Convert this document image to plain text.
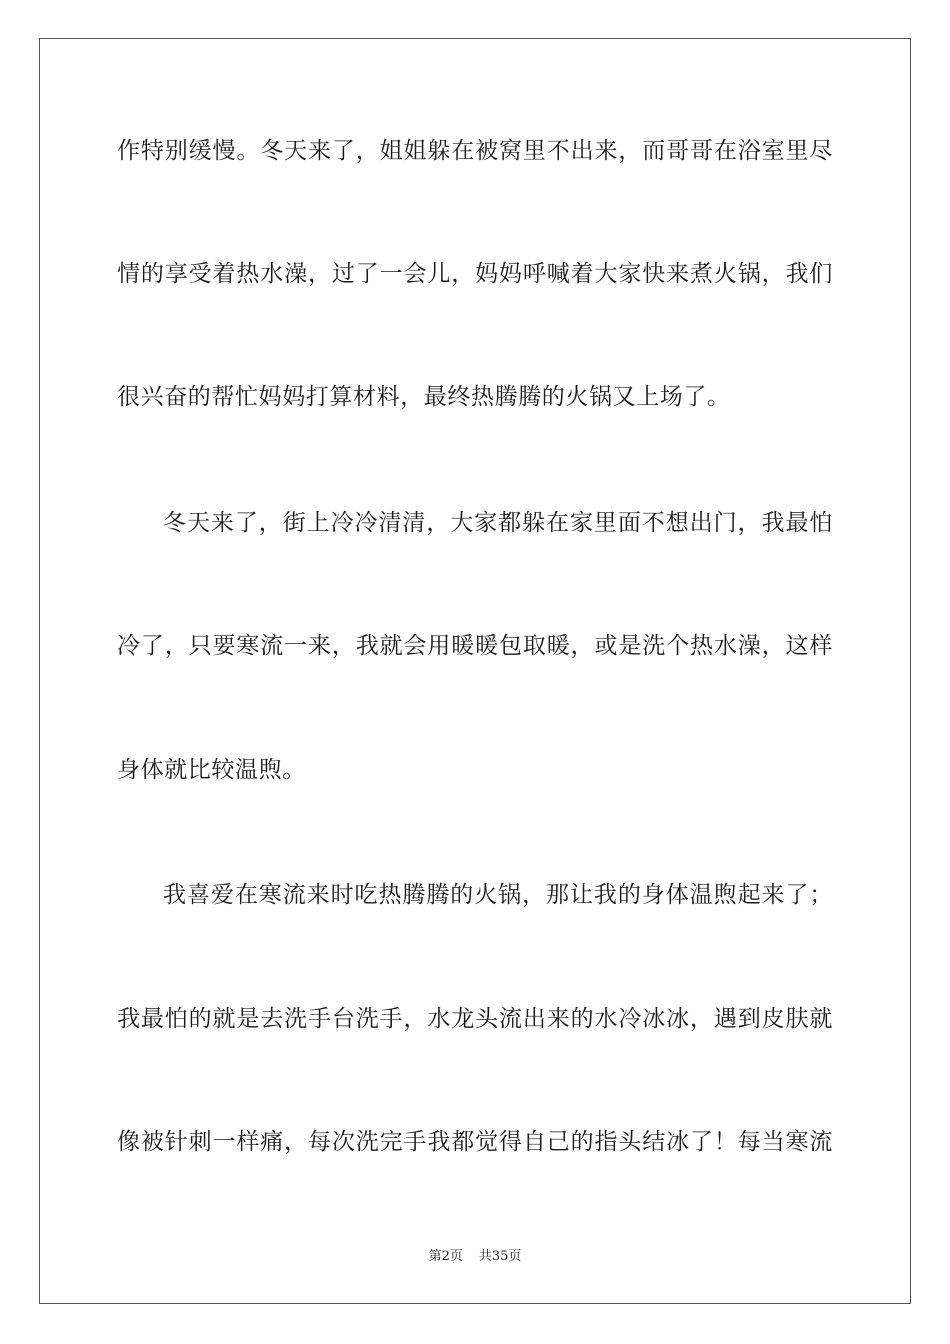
作特别缓慢。冬天来了，姐姐躲在被窝里不出来，而哥哥在浴室里尽
情的享受着热水澡，过了一会儿，妈妈呼喊着大家快来煮火锅，我们
很兴奋的帮忙妈妈打算材料，最终热腾腾的火锅又上场了。
冬天来了，街上冷冷清清，大家都躲在家里面不想出门，我最怕
冷了，只要寒流一来，我就会用暖暖包取暖，或是洗个热水澡，这样
身体就比较温煦。
我喜爱在寒流来时吃热腾腾的火锅，那让我的身体温煦起来了；
我最怕的就是去洗手台洗手，水龙头流出来的水冷冰冰，遇到皮肤就
像被针刺一样痛，每次洗完手我都觉得自己的指头结冰了！每当寒流
第2页 共35页
